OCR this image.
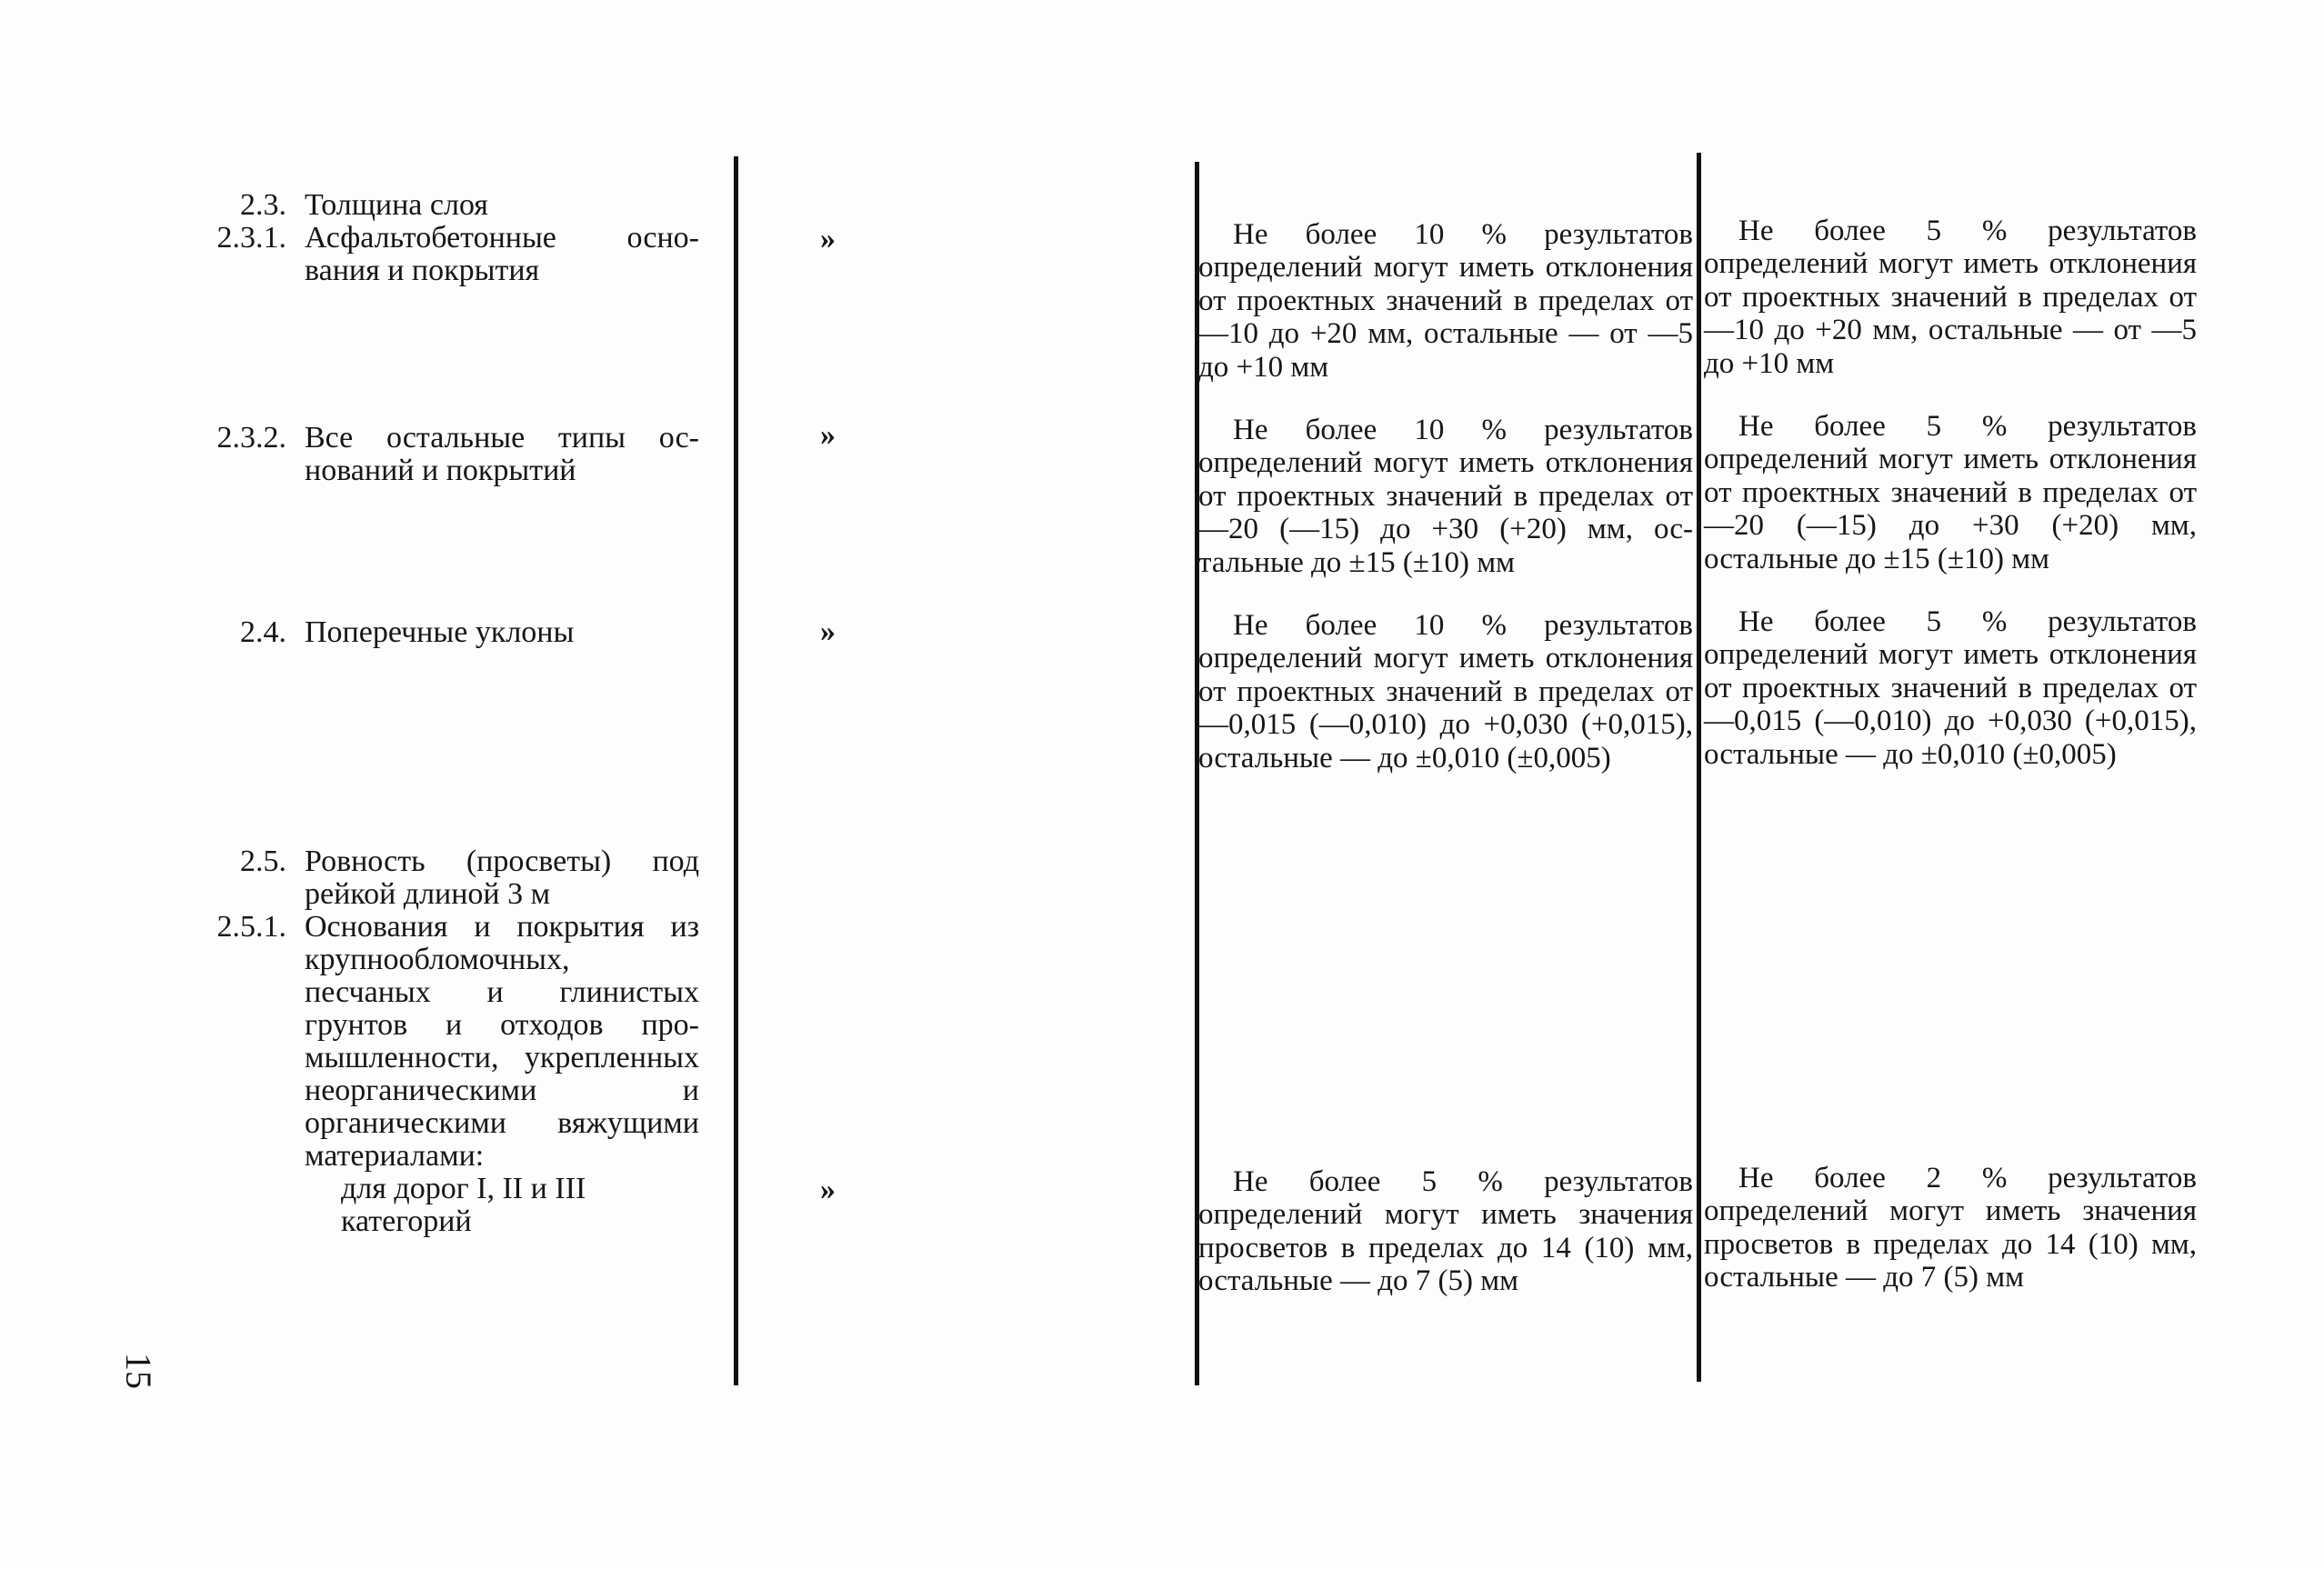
2.3. Толщина слоя
2.3.1. Асфальтобетонные основания и покрытия
2.3.2. Все остальные типы оснований и покрытий
2.4. Поперечные уклоны
2.5. Ровность (просветы) под рейкой длиной 3 м
2.5.1. Основания и покрытия из крупнообломочных, песчаных и глинистых грунтов и отходов промышленности, укрепленных неорганическими и органическими вяжущими материалами:
для дорог I, II и III категорий
»
»
»
»

Не более 10 % результатов определений могут иметь отклонения от проектных значений в пределах от —10 до +20 мм, остальные — от —5 до +10 мм

Не более 10 % результатов определений могут иметь отклонения от проектных значений в пределах от —20 (—15) до +30 (+20) мм, остальные до ±15 (±10) мм

Не более 10 % результатов определений могут иметь отклонения от проектных значений в пределах от —0,015 (—0,010) до +0,030 (+0,015), остальные — до ±0,010 (±0,005)

Не более 5 % результатов определений могут иметь значения просветов в пределах до 14 (10) мм, остальные — до 7 (5) мм

Не более 5 % результатов определений могут иметь отклонения от проектных значений в пределах от —10 до +20 мм, остальные — от —5 до +10 мм

Не более 5 % результатов определений могут иметь отклонения от проектных значений в пределах от —20 (—15) до +30 (+20) мм, остальные до ±15 (±10) мм

Не более 5 % результатов определений могут иметь отклонения от проектных значений в пределах от —0,015 (—0,010) до +0,030 (+0,015), остальные — до ±0,010 (±0,005)

Не более 2 % результатов определений могут иметь значения просветов в пределах до 14 (10) мм, остальные — до 7 (5) мм

15
